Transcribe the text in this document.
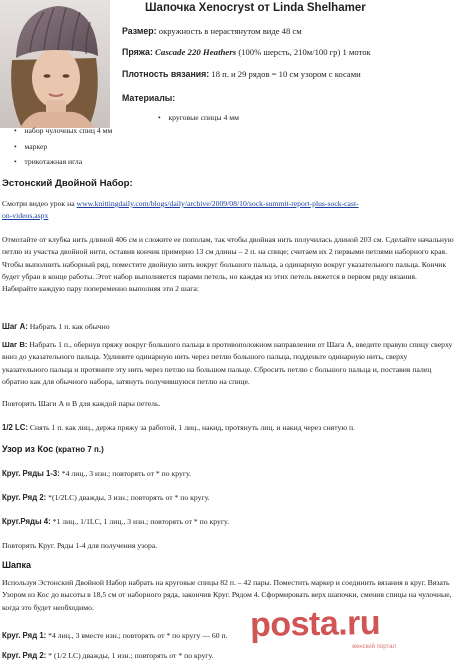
Шапочка Xenocryst от Linda Shelhamer
Размер: окружность в нерастянутом виде 48 см
Пряжа: Cascade 220 Heathers (100% шерсть, 210м/100 гр) 1 моток
Плотность вязания: 18 п. и 29 рядов = 10 см узором с косами
Материалы:
•    круговые спицы 4 мм
•    набор чулочных спиц 4 мм
•    маркер
•    трикотажная игла
Эстонский Двойной Набор:
Смотри видео урок на www.knittingdaily.com/blogs/daily/archive/2009/08/10/sock-summit-report-plus-sock-cast-
on-videos.aspx
Отмотайте от клубка нить длиной 406 см и сложите ее пополам, так чтобы двойная нить получилась длиной 203 см. Сделайте начальную петлю из участка двойной нити, оставив кончик примерно 13 см длины – 2 п. на спице; считаем их 2 первыми петлями наборного края. Чтобы выполнить наборный ряд, поместите двойную нить вокруг большого пальца, а одинарную вокруг указательного пальца. Кончик будет убран в конце работы. Этот набор выполняется парами петель, но каждая из этих петель вяжется в первом ряду вязания. Набирайте каждую пару попеременно выполняя эти 2 шага:
Шаг А: Набрать 1 п. как обычно
Шаг В: Набрать 1 п., обернув пряжу вокруг большого пальца в противоположном направлении от Шага А, введите правую спицу сверху вниз до указательного пальца. Удлините одинарную нить через петлю большого пальца, подденьте одинарную нить, сверху указательного пальца и протяните эту нить через петлю на большом пальце. Сбросить петлю с большого пальца и, поставив палец обратно как для обычного набора, затянуть получившуюся петлю на спице.
Повторять Шаги А и В для каждой пары петель.
1/2 LC: Снять 1 п. как лиц., держа пряжу за работой, 1 лиц., накид, протянуть лиц. и накид через снятую п.
Узор из Кос (кратно 7 п.)
Круг. Ряды 1-3: *4 лиц., 3 изн.; повторять от * по кругу.
Круг. Ряд 2: *(1/2LC) дважды, 3 изн.; повторять от * по кругу.
Круг.Ряды 4: *1 лиц., 1/1LC, 1 лиц., 3 изн.; повторять от * по кругу.
Повторять Круг. Ряды 1-4 для получения узора.
Шапка
Используя Эстонский Двойной Набор набрать на круговые спицы 82 п. – 42 пары. Поместить маркер и соединить вязания в круг. Вязать Узором из Кос до высоты в 18,5 см от наборного ряда, закончив Круг. Рядом 4. Сформировать верх шапочки, сменив спицы на чулочные, когда это будет необходимо.
Круг. Ряд 1: *4 лиц., 3 вместе изн.; повторять от * по кругу — 60 п.
Круг. Ряд 2: * (1/2 LC) дважды, 1 изн.; повторять от * по кругу.
posta.ru
женский портал
